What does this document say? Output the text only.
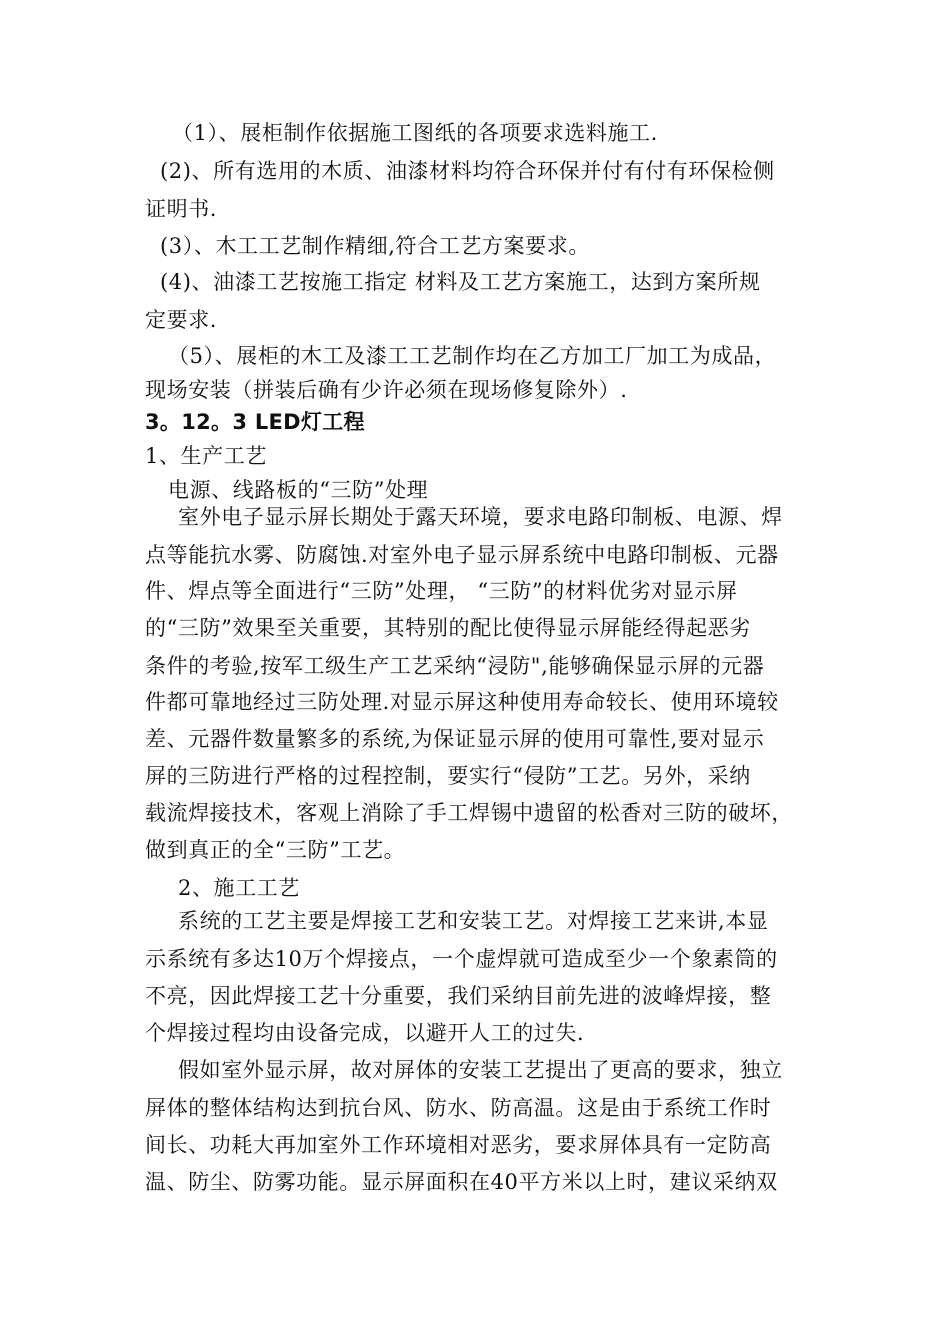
（1）、展柜制作依据施工图纸的各项要求选料施工.
(2)、所有选用的木质、油漆材料均符合环保并付有付有环保检侧
证明书.
(3）、木工工艺制作精细,符合工艺方案要求。
(4)、油漆工艺按施工指定 材料及工艺方案施工，达到方案所规
定要求.
（5）、展柜的木工及漆工工艺制作均在乙方加工厂加工为成品，
现场安装（拼装后确有少许必须在现场修复除外）.
3。12。3 LED灯工程
1、生产工艺
电源、线路板的“三防”处理
室外电子显示屏长期处于露天环境，要求电路印制板、电源、焊
点等能抗水雾、防腐蚀.对室外电子显示屏系统中电路印制板、元器
件、焊点等全面进行“三防”处理， “三防”的材料优劣对显示屏
的“三防”效果至关重要，其特别的配比使得显示屏能经得起恶劣
条件的考验,按军工级生产工艺采纳“浸防",能够确保显示屏的元器
件都可靠地经过三防处理.对显示屏这种使用寿命较长、使用环境较
差、元器件数量繁多的系统,为保证显示屏的使用可靠性,要对显示
屏的三防进行严格的过程控制，要实行“侵防”工艺。另外，采纳
载流焊接技术，客观上消除了手工焊锡中遗留的松香对三防的破坏，
做到真正的全“三防”工艺。
2、施工工艺
系统的工艺主要是焊接工艺和安装工艺。对焊接工艺来讲,本显
示系统有多达10万个焊接点，一个虚焊就可造成至少一个象素筒的
不亮，因此焊接工艺十分重要，我们采纳目前先进的波峰焊接，整
个焊接过程均由设备完成，以避开人工的过失.
假如室外显示屏，故对屏体的安装工艺提出了更高的要求，独立
屏体的整体结构达到抗台风、防水、防高温。这是由于系统工作时
间长、功耗大再加室外工作环境相对恶劣，要求屏体具有一定防高
温、防尘、防雾功能。显示屏面积在40平方米以上时，建议采纳双
